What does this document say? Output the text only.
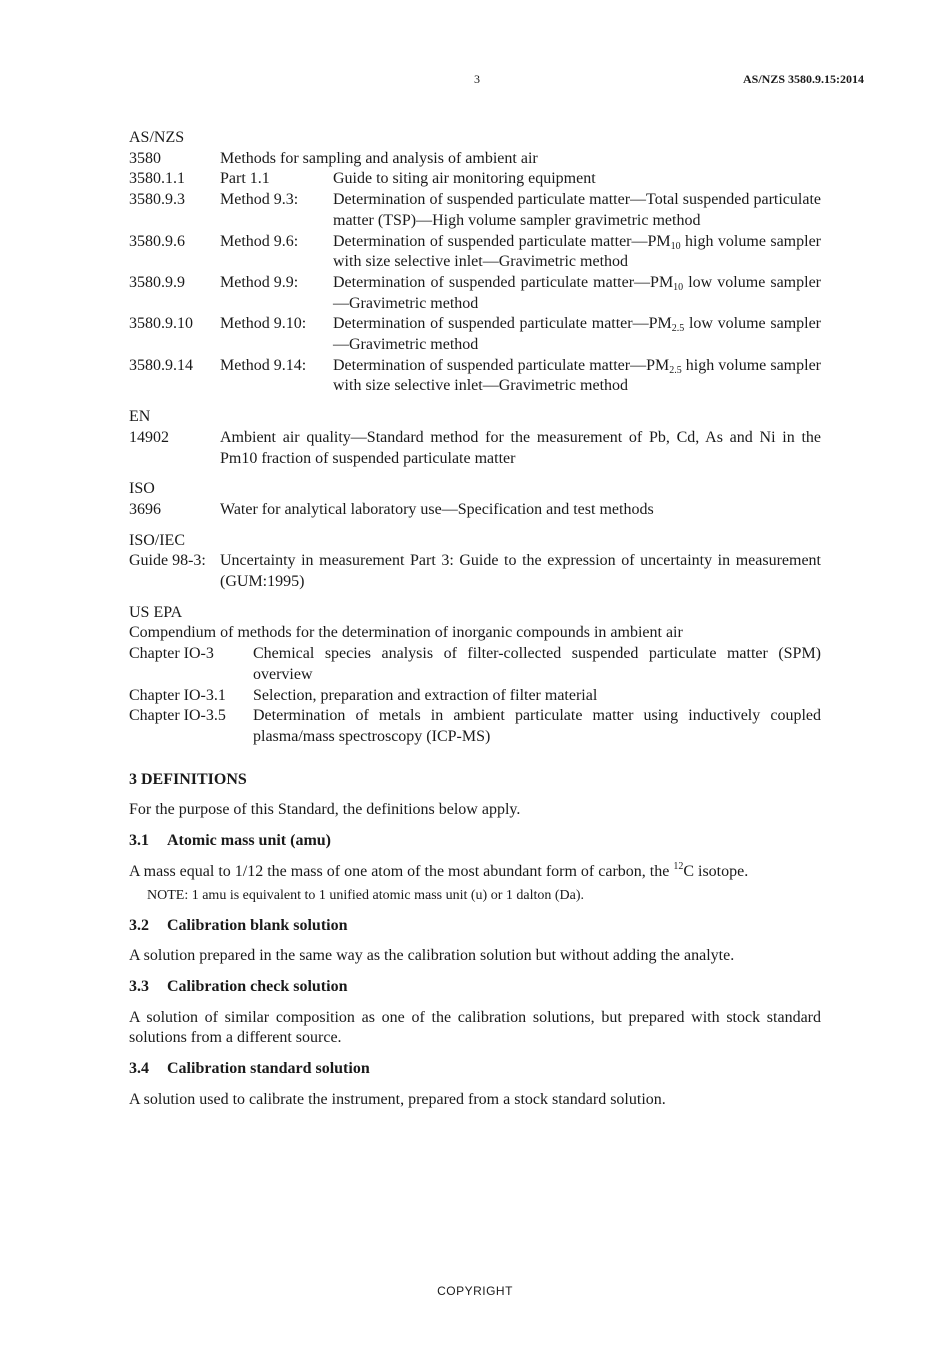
3	AS/NZS 3580.9.15:2014
AS/NZS
3580	Methods for sampling and analysis of ambient air
3580.1.1	Part 1.1	Guide to siting air monitoring equipment
3580.9.3	Method 9.3:	Determination of suspended particulate matter—Total suspended particulate matter (TSP)—High volume sampler gravimetric method
3580.9.6	Method 9.6:	Determination of suspended particulate $matter—PM_{10}$ high volume sampler with size selective inlet—Gravimetric method
3580.9.9	Method 9.9:	Determination of suspended particulate $matter—PM_{10}$ low volume sampler—Gravimetric method
3580.9.10	Method 9.10:	Determination of suspended particulate $matter—PM_{2.5}$ low volume sampler—Gravimetric method
3580.9.14	Method 9.14:	Determination of suspended particulate $matter—PM_{2.5}$ high volume sampler with size selective inlet—Gravimetric method
EN
14902	Ambient air quality—Standard method for the measurement of Pb, Cd, As and Ni in the Pm10 fraction of suspended particulate matter
ISO
3696	Water for analytical laboratory use—Specification and test methods
ISO/IEC
Guide 98-3: Uncertainty in measurement Part 3: Guide to the expression of uncertainty in measurement (GUM:1995)
US EPA
Compendium of methods for the determination of inorganic compounds in ambient air
Chapter IO-3	Chemical species analysis of filter-collected suspended particulate matter (SPM) overview
Chapter IO-3.1	Selection, preparation and extraction of filter material
Chapter IO-3.5	Determination of metals in ambient particulate matter using inductively coupled plasma/mass spectroscopy (ICP-MS)
3 DEFINITIONS
For the purpose of this Standard, the definitions below apply.
3.1 Atomic mass unit (amu)
A mass equal to 1/12 the mass of one atom of the most abundant form of carbon, the $^{12}$C isotope.
NOTE: 1 amu is equivalent to 1 unified atomic mass unit (u) or 1 dalton (Da).
3.2 Calibration blank solution
A solution prepared in the same way as the calibration solution but without adding the analyte.
3.3 Calibration check solution
A solution of similar composition as one of the calibration solutions, but prepared with stock standard solutions from a different source.
3.4 Calibration standard solution
A solution used to calibrate the instrument, prepared from a stock standard solution.
COPYRIGHT
